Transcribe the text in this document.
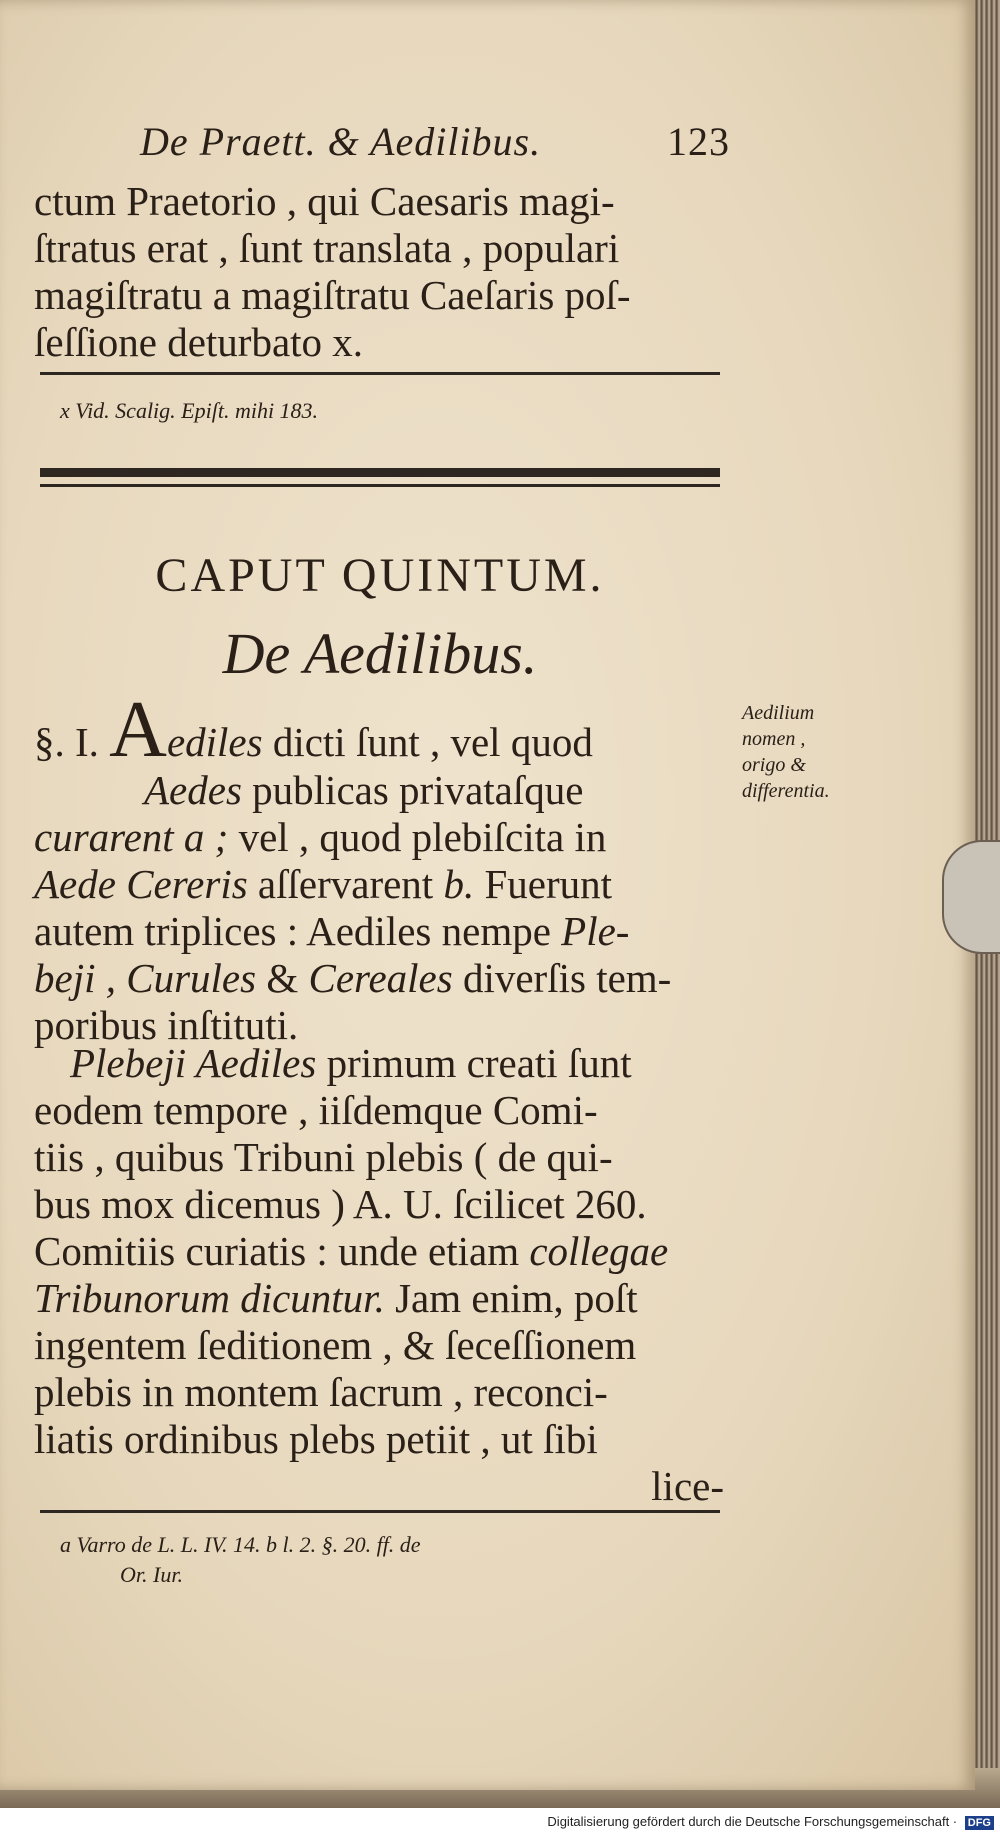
De Praett. & Aedilibus.	123
ctum Praetorio , qui Caesaris magi-
ſtratus erat , ſunt translata , populari
magiſtratu a magiſtratu Caeſaris poſ-
ſeſſione deturbato x.
x Vid. Scalig. Epiſt. mihi 183.
CAPUT QUINTUM.
De Aedilibus.
Aedilium
nomen ,
origo &
differentia.
§. I. Aediles dicti ſunt , vel quod
Aedes publicas privataſque
curarent a ; vel , quod plebiſcita in
Aede Cereris aſſervarent b. Fuerunt
autem triplices : Aediles nempe Ple-
beji , Curules & Cereales diverſis tem-
poribus inſtituti.
Plebeji Aediles primum creati ſunt
eodem tempore , iiſdemque Comi-
tiis , quibus Tribuni plebis ( de qui-
bus mox dicemus ) A. U. ſcilicet 260.
Comitiis curiatis : unde etiam collegae
Tribunorum dicuntur. Jam enim, poſt
ingentem ſeditionem , & ſeceſſionem
plebis in montem ſacrum , reconci-
liatis ordinibus plebs petiit , ut ſibi
lice-
a Varro de L. L. IV. 14. b l. 2. §. 20. ff. de
Or. Iur.
Digitalisierung gefördert durch die Deutsche Forschungsgemeinschaft · DFG
